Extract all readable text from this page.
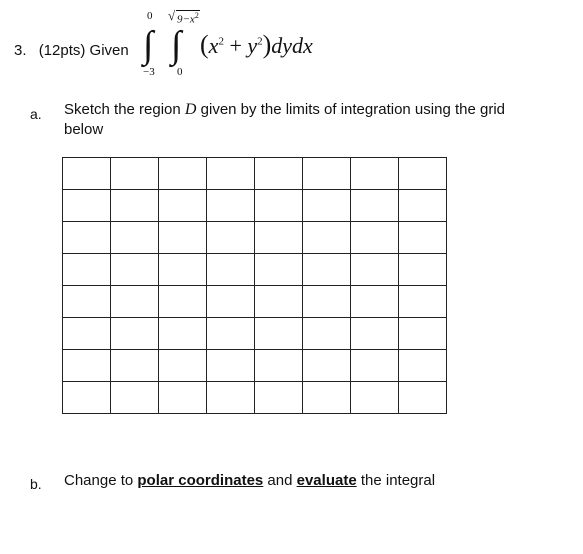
3. (12pts) Given
0
∫
−3
√ $9-x^2$
∫
0
($x^2$ + $y^2)dydx$
a. Sketch the region D given by the limits of integration using the grid
below

b. Change to polar coordinates and evaluate the integral
